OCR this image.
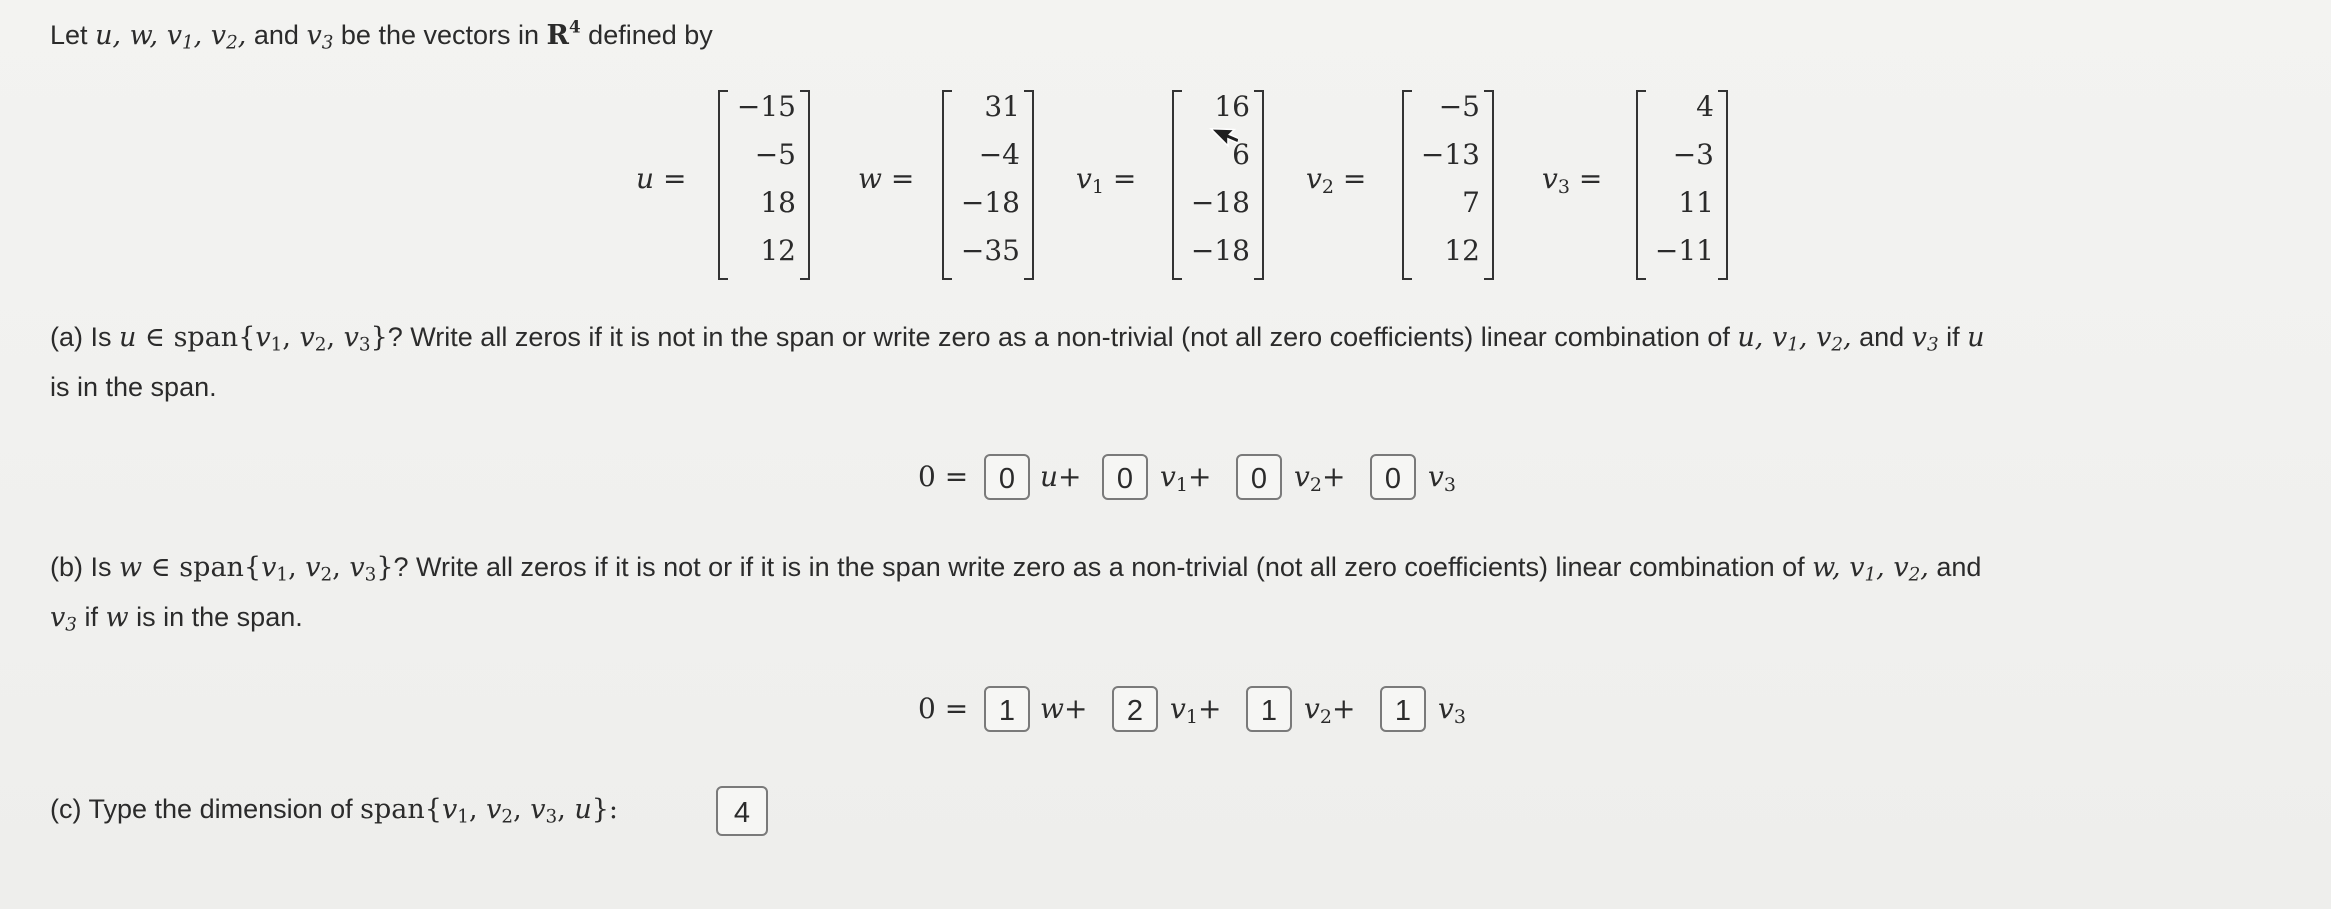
Let u, w, $v_1$, $v_2$, and $v_3$ be the vectors in $R^4$ defined by
u =
−15
−5
18
12
w =
31
−4
−18
−35
$v_1$ =
16
6
−18
−18
$v_2$ =
−5
−13
7
12
$v_3$ =
4
−3
11
−11
(a) Is u ∈ $span\{v_1$, $v_2$, $v_3$}? Write all zeros if it is not in the span or write zero as a non-trivial (not all zero coefficients) linear combination of u, $v_1$, $v_2$, and $v_3$ if u
is in the span.
0 =	0 u+	0 $v_1+$	0 $v_2+$	0 $v_3$
(b) Is w ∈ $span\{v_1$, $v_2$, $v_3$}? Write all zeros if it is not or if it is in the span write zero as a non-trivial (not all zero coefficients) linear combination of w, $v_1$, $v_2$, and
$v_3$ if w is in the span.
0 =	1 w+	2 $v_1+$	1 $v_2+$	1 $v_3$
(c) Type the dimension of $span\{v_1$, $v_2$, $v_3$, u}:	4
